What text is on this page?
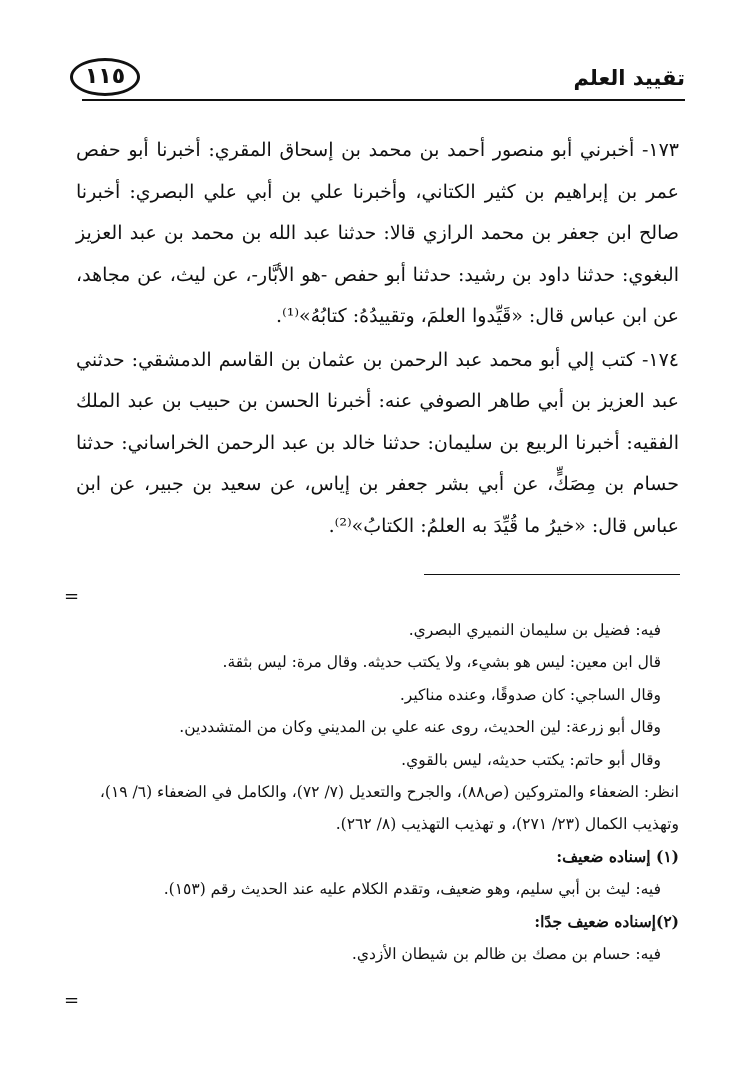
تقييد العلم
١١٥

١٧٣- أخبرني أبو منصور أحمد بن محمد بن إسحاق المقري: أخبرنا أبو حفص عمر بن إبراهيم بن كثير الكتاني، وأخبرنا علي بن أبي علي البصري: أخبرنا صالح ابن جعفر بن محمد الرازي قالا: حدثنا عبد الله بن محمد بن عبد العزيز البغوي: حدثنا داود بن رشيد: حدثنا أبو حفص -هو الأبَّار-، عن ليث، عن مجاهد، عن ابن عباس قال: «قَيِّدوا العلمَ، وتقييدُهُ: كتابُهُ»⁽¹⁾.

١٧٤- كتب إلي أبو محمد عبد الرحمن بن عثمان بن القاسم الدمشقي: حدثني عبد العزيز بن أبي طاهر الصوفي عنه: أخبرنا الحسن بن حبيب بن عبد الملك الفقيه: أخبرنا الربيع بن سليمان: حدثنا خالد بن عبد الرحمن الخراساني: حدثنا حسام بن مِصَكٍّ، عن أبي بشر جعفر بن إياس، عن سعيد بن جبير، عن ابن عباس قال: «خيرُ ما قُيِّدَ به العلمُ: الكتابُ»⁽²⁾.

=

فيه: فضيل بن سليمان النميري البصري.

قال ابن معين: ليس هو بشيء، ولا يكتب حديثه. وقال مرة: ليس بثقة.

وقال الساجي: كان صدوقًا، وعنده مناكير.

وقال أبو زرعة: لين الحديث، روى عنه علي بن المديني وكان من المتشددين.

وقال أبو حاتم: يكتب حديثه، ليس بالقوي.

انظر: الضعفاء والمتروكين (ص٨٨)، والجرح والتعديل (٧/ ٧٢)، والكامل في الضعفاء (٦/ ١٩)، وتهذيب الكمال (٢٣/ ٢٧١)، و تهذيب التهذيب (٨/ ٢٦٢).

(١) إسناده ضعيف:

فيه: ليث بن أبي سليم، وهو ضعيف، وتقدم الكلام عليه عند الحديث رقم (١٥٣).

(٢)إسناده ضعيف جدًا:

فيه: حسام بن مصك بن ظالم بن شيطان الأزدي.

=
